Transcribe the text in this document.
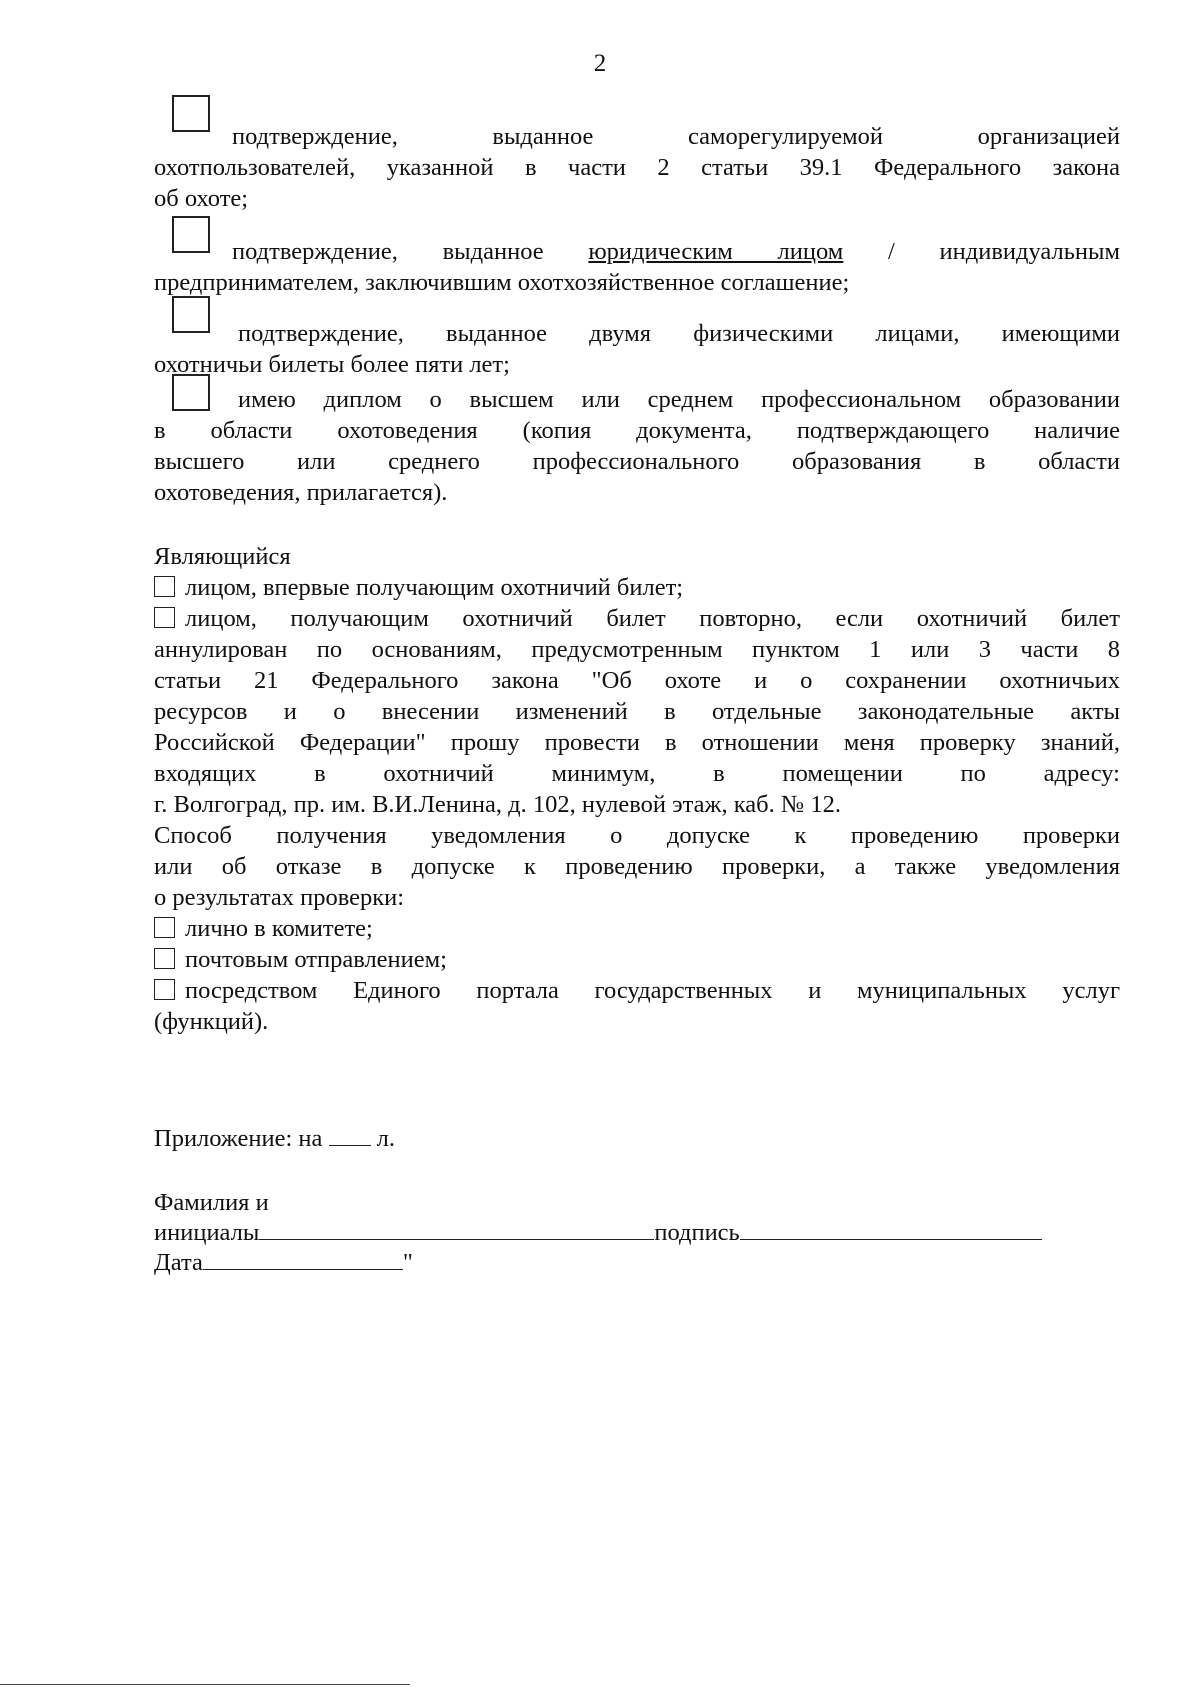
2
подтверждение, выданное саморегулируемой организацией
охотпользователей, указанной в части 2 статьи 39.1 Федерального закона
об охоте;
подтверждение, выданное юридическим лицом / индивидуальным
предпринимателем, заключившим охотхозяйственное соглашение;
подтверждение, выданное двумя физическими лицами, имеющими
охотничьи билеты более пяти лет;
имею диплом о высшем или среднем профессиональном образовании
в области охотоведения (копия документа, подтверждающего наличие
высшего или среднего профессионального образования в области
охотоведения, прилагается).
Являющийся
лицом, впервые получающим охотничий билет;
лицом, получающим охотничий билет повторно, если охотничий билет
аннулирован по основаниям, предусмотренным пунктом 1 или 3 части 8
статьи 21 Федерального закона "Об охоте и о сохранении охотничьих
ресурсов и о внесении изменений в отдельные законодательные акты
Российской Федерации" прошу провести в отношении меня проверку знаний,
входящих в охотничий минимум, в помещении по адресу:
г. Волгоград, пр. им. В.И.Ленина, д. 102, нулевой этаж, каб. № 12.
Способ получения уведомления о допуске к проведению проверки
или об отказе в допуске к проведению проверки, а также уведомления
о результатах проверки:
лично в комитете;
почтовым отправлением;
посредством Единого портала государственных и муниципальных услуг
(функций).
Приложение: на л.
Фамилия и
инициалы	подпись
Дата	"
